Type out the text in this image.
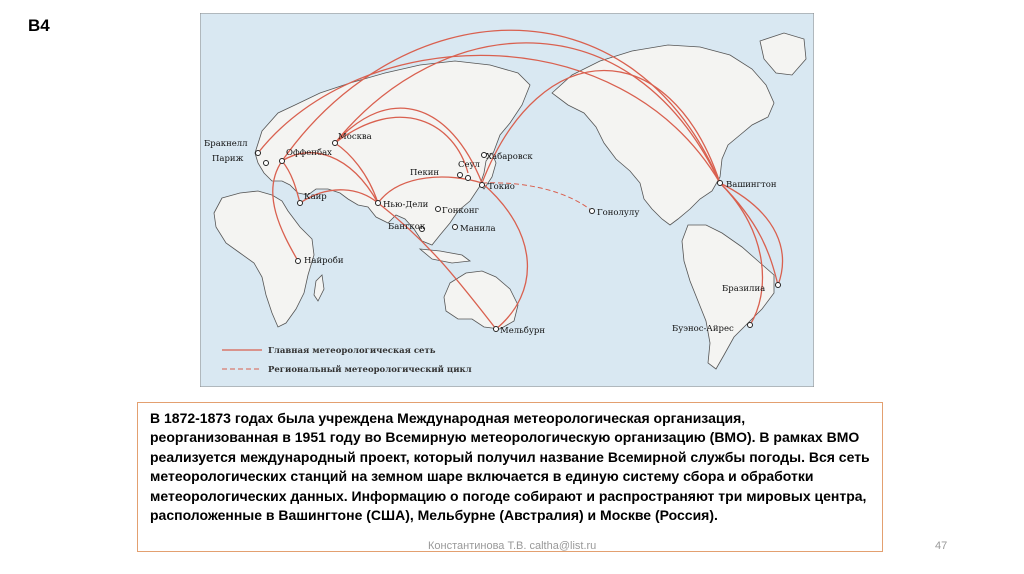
В4
Бракнелл
Париж
Москва
Оффенбах
Каир
Найроби
Нью-Дели
Пекин
Сеул
Хабаровск
Токио
Гонконг
Бангкок	Манила
Гонолулу
Мельбурн
Вашингтон
Бразилиа
Буэнос-Айрес
Главная метеорологическая сеть
Региональный метеорологический цикл

В 1872-1873 годах была учреждена Международная метеорологическая организация, реорганизованная в 1951 году во Всемирную метеорологическую организацию (ВМО). В рамках ВМО реализуется международный проект, который получил название Всемирной службы погоды. Вся сеть метеорологических станций на земном шаре включается в единую систему сбора и обработки метеорологических данных. Информацию о погоде собирают и распространяют три мировых центра, расположенные в Вашингтоне (США), Мельбурне (Австралия) и Москве (Россия).

Константинова Т.В. caltha@list.ru	47
